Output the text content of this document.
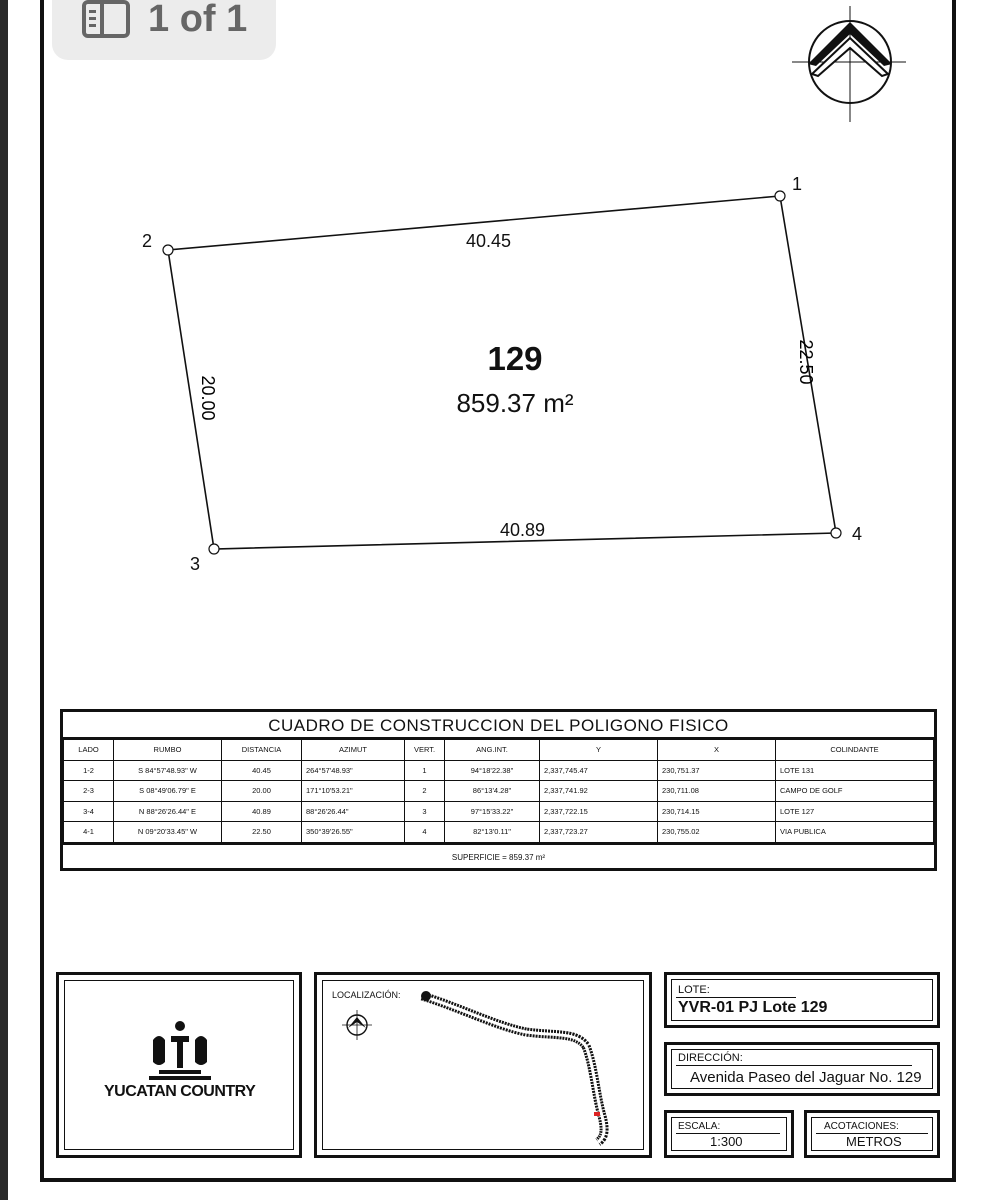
1 of 1
20.00
22.50
1
2
3
4
40.45
40.89
129
859.37 m²
CUADRO DE CONSTRUCCION DEL POLIGONO FISICO
LADO	RUMBO	DISTANCIA	AZIMUT	VERT.	ANG.INT.	Y	X	COLINDANTE
1-2	S 84°57'48.93" W	40.45	264°57'48.93"	1	94°18'22.38"	2,337,745.47	230,751.37	LOTE 131
2-3	S 08°49'06.79" E	20.00	171°10'53.21"	2	86°13'4.28"	2,337,741.92	230,711.08	CAMPO DE GOLF
3-4	N 88°26'26.44" E	40.89	88°26'26.44"	3	97°15'33.22"	2,337,722.15	230,714.15	LOTE 127
4-1	N 09°20'33.45" W	22.50	350°39'26.55"	4	82°13'0.11"	2,337,723.27	230,755.02	VIA PUBLICA
SUPERFICIE = 859.37 m²
YUCATAN COUNTRY
LOCALIZACIÓN:	LOTE:
YVR-01 PJ Lote 129
DIRECCIÓN:
Avenida Paseo del Jaguar No. 129
ESCALA:
1:300
ACOTACIONES:
METROS
